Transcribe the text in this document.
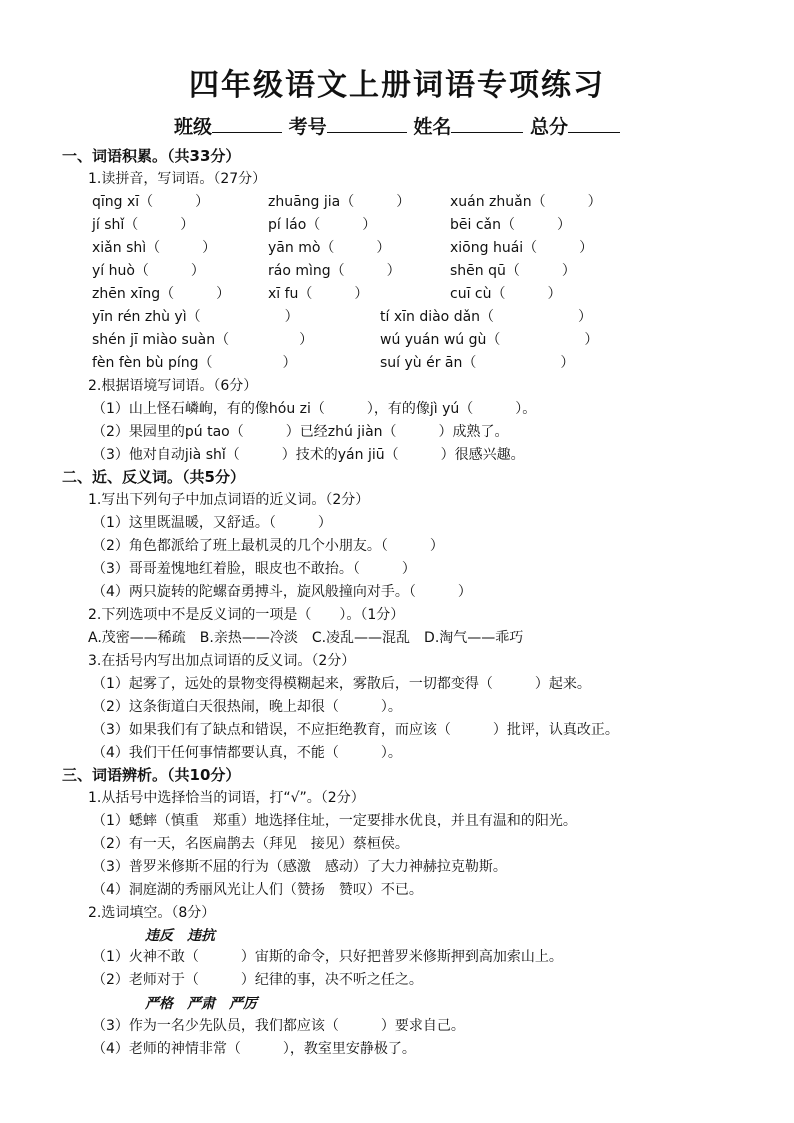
四年级语文上册词语专项练习
班级	考号	姓名	总分
一、词语积累。（共33分）
1.读拼音，写词语。（27分）
qīng xī（　　　）	zhuāng jia（　　　）	xuán zhuǎn（　　　）
jí shǐ（　　　）	pí láo（　　　）	bēi cǎn（　　　）
xiǎn shì（　　　）	yān mò（　　　）	xiōng huái（　　　）
yí huò（　　　）	ráo mìng（　　　）	shēn qū（　　　）
zhēn xīng（　　　）	xī fu（　　　）	cuī cù（　　　）
yīn rén zhù yì（　　　　　　）	tí xīn diào dǎn（　　　　　　）
shén jī miào suàn（　　　　　）	wú yuán wú gù（　　　　　　）
fèn fèn bù píng（　　　　　）	suí yù ér ān（　　　　　　）
2.根据语境写词语。（6分）
（1）山上怪石嶙峋，有的像hóu zi（　　　），有的像jì yú（　　　）。
（2）果园里的pú tao（　　　）已经zhú jiàn（　　　）成熟了。
（3）他对自动jià shǐ（　　　）技术的yán jiū（　　　）很感兴趣。
二、近、反义词。（共5分）
1.写出下列句子中加点词语的近义词。（2分）
（1）这里既温暖，又舒适。（　　　）
（2）角色都派给了班上最机灵的几个小朋友。（　　　）
（3）哥哥羞愧地红着脸，眼皮也不敢抬。（　　　）
（4）两只旋转的陀螺奋勇搏斗，旋风般撞向对手。（　　　）
2.下列选项中不是反义词的一项是（　　）。（1分）
A.茂密——稀疏　B.亲热——冷淡　C.凌乱——混乱　D.淘气——乖巧
3.在括号内写出加点词语的反义词。（2分）
（1）起雾了，远处的景物变得模糊起来，雾散后，一切都变得（　　　）起来。
（2）这条街道白天很热闹，晚上却很（　　　）。
（3）如果我们有了缺点和错误，不应拒绝教育，而应该（　　　）批评，认真改正。
（4）我们干任何事情都要认真，不能（　　　）。
三、词语辨析。（共10分）
1.从括号中选择恰当的词语，打“√”。（2分）
（1）蟋蟀（慎重　郑重）地选择住址，一定要排水优良，并且有温和的阳光。
（2）有一天，名医扁鹊去（拜见　接见）蔡桓侯。
（3）普罗米修斯不屈的行为（感激　感动）了大力神赫拉克勒斯。
（4）洞庭湖的秀丽风光让人们（赞扬　赞叹）不已。
2.选词填空。（8分）
违反　违抗
（1）火神不敢（　　　）宙斯的命令，只好把普罗米修斯押到高加索山上。
（2）老师对于（　　　）纪律的事，决不听之任之。
严格　严肃　严厉
（3）作为一名少先队员，我们都应该（　　　）要求自己。
（4）老师的神情非常（　　　），教室里安静极了。
